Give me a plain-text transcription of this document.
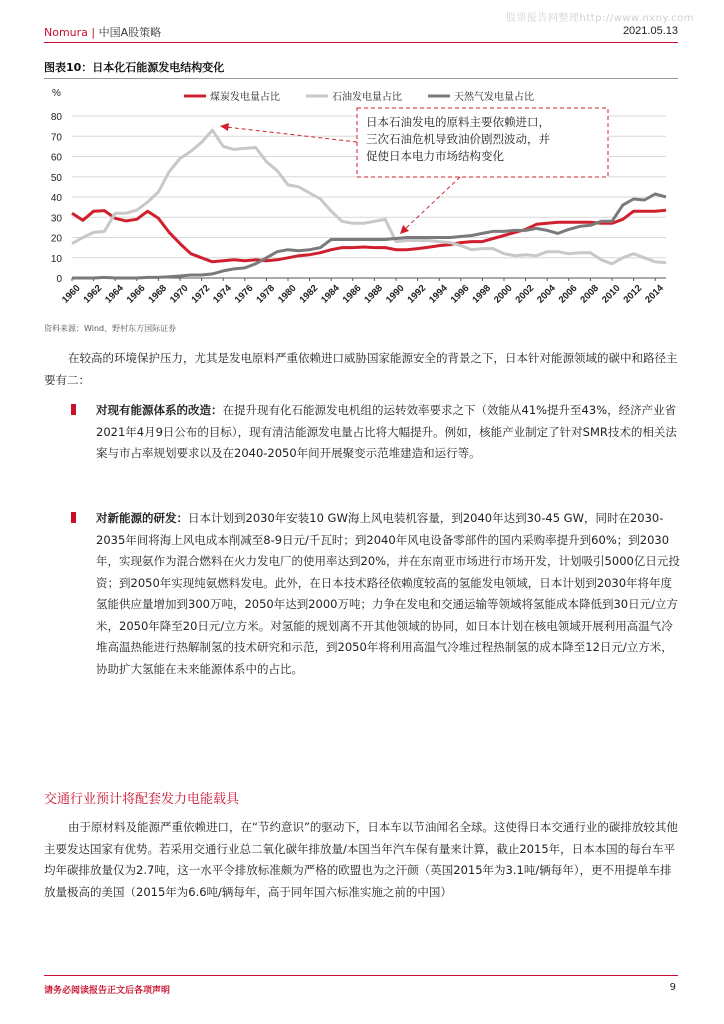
股票报告网整理http://www.nxny.com
Nomura | 中国A股策略	2021.05.13
图表10：日本化石能源发电结构变化
煤炭发电量占比	石油发电量占比	天然气发电量占比
%
0
10
20
30
40
50
60
70
80
1960
1962
1964
1966
1968
1970
1972
1974
1976
1978
1980
1982
1984
1986
1988
1990
1992
1994
1996
1998
2000
2002
2004
2006
2008
2010
2012
2014
日本石油发电的原料主要依赖进口，
三次石油危机导致油价剧烈波动，并
促使日本电力市场结构变化
资料来源：Wind、野村东方国际证券
在较高的环境保护压力，尤其是发电原料严重依赖进口威胁国家能源安全的背景之下，日本针对能源领域的碳中和路径主要有二：
对现有能源体系的改造：在提升现有化石能源发电机组的运转效率要求之下（效能从41%提升至43%，经济产业省2021年4月9日公布的目标），现有清洁能源发电量占比将大幅提升。例如，核能产业制定了针对SMR技术的相关法案与市占率规划要求以及在2040-2050年间开展聚变示范堆建造和运行等。
对新能源的研发：日本计划到2030年安装10 GW海上风电装机容量，到2040年达到30-45 GW，同时在2030-2035年间将海上风电成本削减至8-9日元/千瓦时；到2040年风电设备零部件的国内采购率提升到60%；到2030年，实现氨作为混合燃料在火力发电厂的使用率达到20%，并在东南亚市场进行市场开发，计划吸引5000亿日元投资；到2050年实现纯氨燃料发电。此外，在日本技术路径依赖度较高的氢能发电领域，日本计划到2030年将年度氢能供应量增加到300万吨，2050年达到2000万吨；力争在发电和交通运输等领域将氢能成本降低到30日元/立方米，2050年降至20日元/立方米。对氢能的规划离不开其他领域的协同，如日本计划在核电领域开展利用高温气冷堆高温热能进行热解制氢的技术研究和示范，到2050年将利用高温气冷堆过程热制氢的成本降至12日元/立方米，协助扩大氢能在未来能源体系中的占比。
交通行业预计将配套发力电能载具
由于原材料及能源严重依赖进口，在“节约意识”的驱动下，日本车以节油闻名全球。这使得日本交通行业的碳排放较其他主要发达国家有优势。若采用交通行业总二氧化碳年排放量/本国当年汽车保有量来计算，截止2015年，日本本国的每台车平均年碳排放量仅为2.7吨，这一水平令排放标准颇为严格的欧盟也为之汗颜（英国2015年为3.1吨/辆每年），更不用提单车排放量极高的美国（2015年为6.6吨/辆每年，高于同年国六标准实施之前的中国）
请务必阅读报告正文后各项声明	9
